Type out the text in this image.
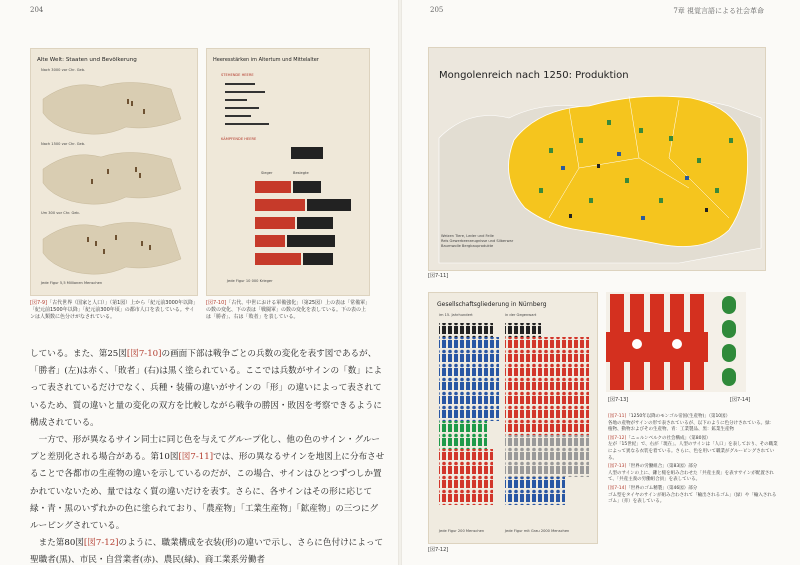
204
Alte Welt: Staaten und Bevölkerung
Nach 3000 vor Chr. Geb.
Nach 1500 vor Chr. Geb.
Um 300 vor Chr. Geb.
Jede Figur 5,5 Millionen Menschen
Heeresstärken im Altertum und Mittelalter
STEHENDE HEERE
KÄMPFENDE HEERE
Sieger	Besiegte
Jede Figur 10 000 Krieger
[図7-9]「古代世界（国家と人口）」（第1図）上から「紀元前3000年以降」「紀元前1500年以降」「紀元前300年頃」の都市人口を表している。サインは人類数に色分けがなされている。
[図7-10]「古代、中世における軍備強化」（第25図）上の表は「常備軍」の数の変化、下の表は「戦闘軍」の数の変化を表している。下の表の上は「勝者」、右は「敗者」を表している。

している。また、第25図[図7-10]の画面下部は戦争ごとの兵数の変化を表す図であるが、「勝者」(左)は赤く、「敗者」(右)は黒く塗られている。ここでは兵数がサインの「数」によって表されているだけでなく、兵種・装備の違いがサインの「形」の違いによって表されているため、質の違いと量の変化の双方を比較しながら戦争の勝因・敗因を考察できるように構成されている。

一方で、形が異なるサイン同士に同じ色を与えてグループ化し、他の色のサイン・グループと差別化される場合がある。第10図[図7-11]では、形の異なるサインを地図上に分布させることで各都市の生産物の違いを示しているのだが、この場合、サインはひとつずつしか置かれていないため、量ではなく質の違いだけを表す。さらに、各サインはその形に応じて緑・青・黒のいずれかの色に塗られており、「農産物」「工業生産物」「鉱産物」の三つにグルーピングされている。

また第80図[図7-12]のように、職業構成を衣装(形)の違いで示し、さらに色付けによって聖職者(黒)、市民・自営業者(赤)、農民(緑)、商工業系労働者

205	7章 視覚言語による社会革命
Mongolenreich nach 1250: Produktion
Weizen Tiere, Leder und Felle
Reis Gewerbeerzeugnisse und Silberwar
Baumwolle Bergbauprodukte
[図7-11]
Gesellschaftsgliederung in Nürnberg
im 15. Jahrhundert	in der Gegenwart
Jede Figur 200 Menschen	Jede Figur mit Grau 2000 Menschen
[図7-12]
[図7-13]	[図7-14]
[図7-11]「1250年以降のモンゴル帝国(生産物)」（第10図）
各地の産物がサインの形で表されているが、以下のように色分けされている。緑：植物、動物およびその生産物、青：工業製品、黒：鉱業生産物
[図7-12]「ニュルンベルクの社会構成」（第80図）
左が「15世紀」で、右が「現在」。人型のサインは「人口」を表しており、その職業によって異なる衣装を着ている。さらに、色を用いて職業がグルーピングされている。
[図7-13]「世界の労働組合」（第83図）部分
人型のサインの上に、鎌と槌を組み合わせた「共産主義」を表すサインが配置されて、「共産主義の労働組合員」を表している。
[図7-14]「世界のゴム精製」（第46図）部分
ゴム型をタイヤのサインが組み合わされて「輸出されるゴム」（緑）や「輸入されるゴム」（赤）を表している。
